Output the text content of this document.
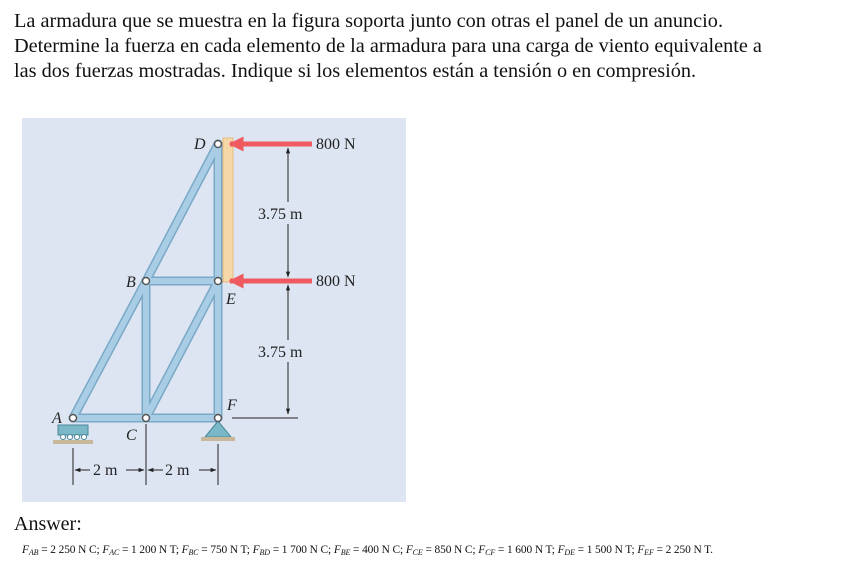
La armadura que se muestra en la figura soporta junto con otras el panel de un anuncio.
Determine la fuerza en cada elemento de la armadura para una carga de viento equivalente a
las dos fuerzas mostradas. Indique si los elementos están a tensión o en compresión.
A
B
C
D
E
F
800 N
800 N
3.75 m
3.75 m
2 m	2 m
Answer:
$F_{AB} = 2$ 250 N C; $F_{AC} = 1$ 200 N T; $F_{BC} = 750$ N T; $F_{BD} = 1$ 700 N C; $F_{BE} = 400$ N C; $F_{CE} = 850$ N C; $F_{CF} = 1$ 600 N T; $F_{DE} = 1$ 500 N T; $F_{EF} = 2$ 250 N T.
